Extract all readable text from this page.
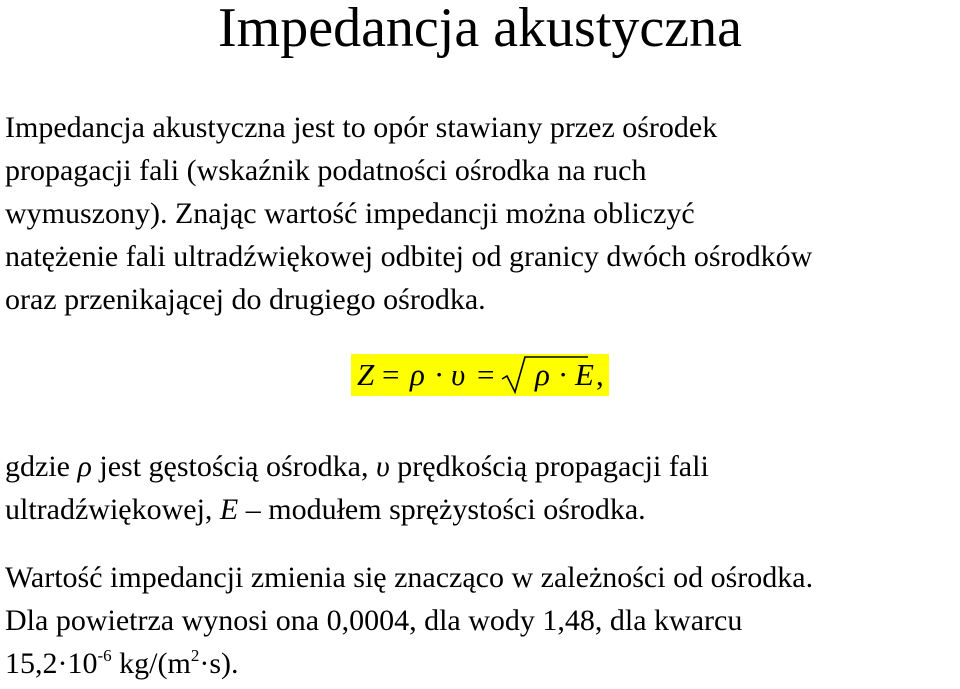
Impedancja akustyczna
Impedancja akustyczna jest to opór stawiany przez ośrodek
propagacji fali (wskaźnik podatności ośrodka na ruch
wymuszony). Znając wartość impedancji można obliczyć
natężenie fali ultradźwiękowej odbitej od granicy dwóch ośrodków
oraz przenikającej do drugiego ośrodka.
Z = ρ · υ = ρ · E ,
gdzie ρ jest gęstością ośrodka, υ prędkością propagacji fali
ultradźwiękowej, E – modułem sprężystości ośrodka.
Wartość impedancji zmienia się znacząco w zależności od ośrodka.
Dla powietrza wynosi ona 0,0004, dla wody 1,48, dla kwarcu
$15,2\cdot 10^{-6}$ $kg/(m^2\cdot s)$.
